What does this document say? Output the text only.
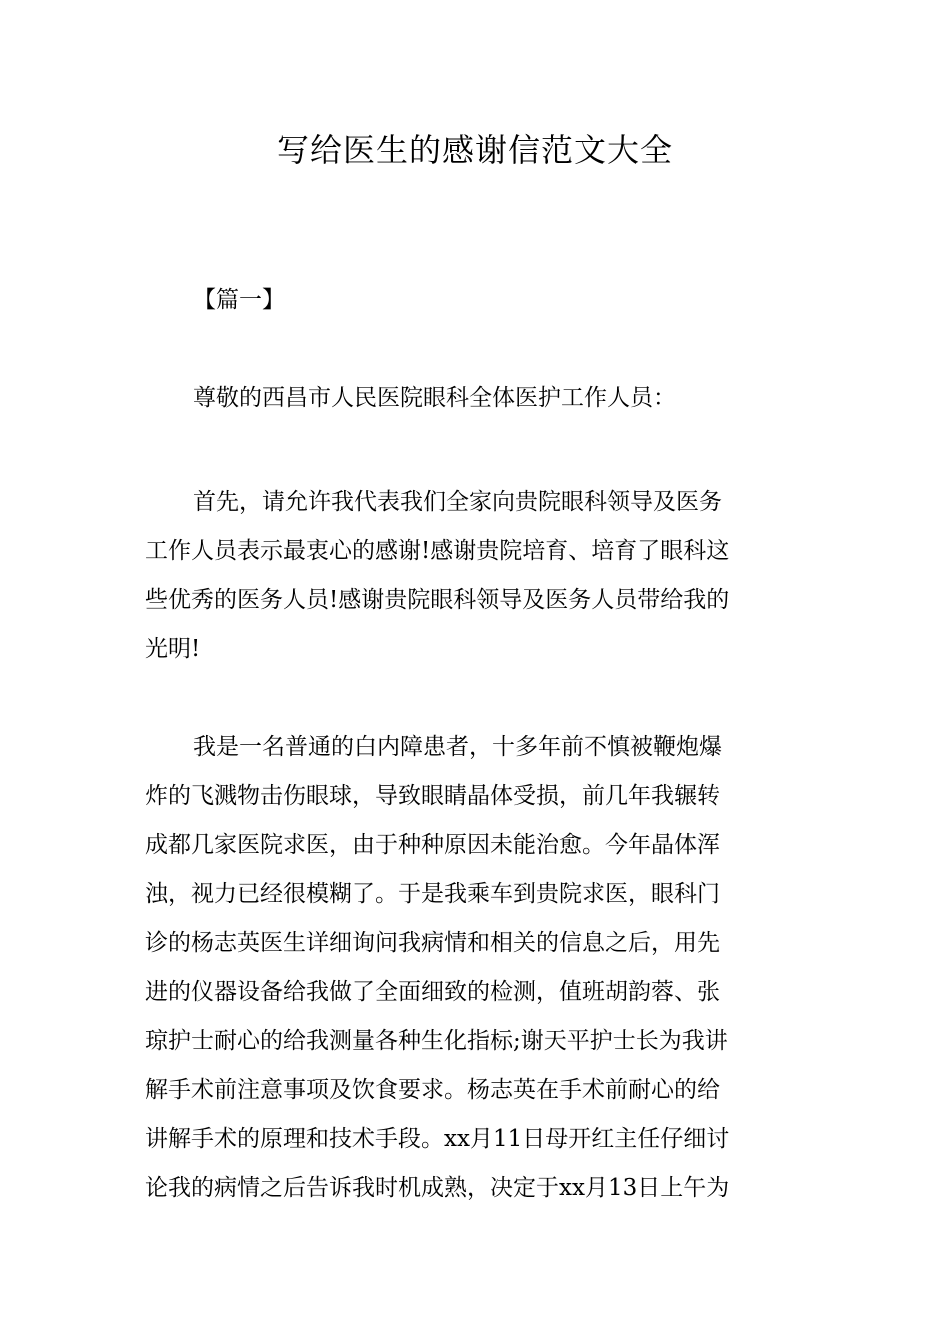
写给医生的感谢信范文大全

【篇一】

尊敬的西昌市人民医院眼科全体医护工作人员：

首先，请允许我代表我们全家向贵院眼科领导及医务
工作人员表示最衷心的感谢!感谢贵院培育、培育了眼科这
些优秀的医务人员!感谢贵院眼科领导及医务人员带给我的
光明!
我是一名普通的白内障患者，十多年前不慎被鞭炮爆
炸的飞溅物击伤眼球，导致眼睛晶体受损，前几年我辗转
成都几家医院求医，由于种种原因未能治愈。今年晶体浑
浊，视力已经很模糊了。于是我乘车到贵院求医，眼科门
诊的杨志英医生详细询问我病情和相关的信息之后，用先
进的仪器设备给我做了全面细致的检测，值班胡韵蓉、张
琼护士耐心的给我测量各种生化指标;谢天平护士长为我讲
解手术前注意事项及饮食要求。杨志英在手术前耐心的给
讲解手术的原理和技术手段。xx月11日母开红主任仔细讨
论我的病情之后告诉我时机成熟，决定于xx月13日上午为
